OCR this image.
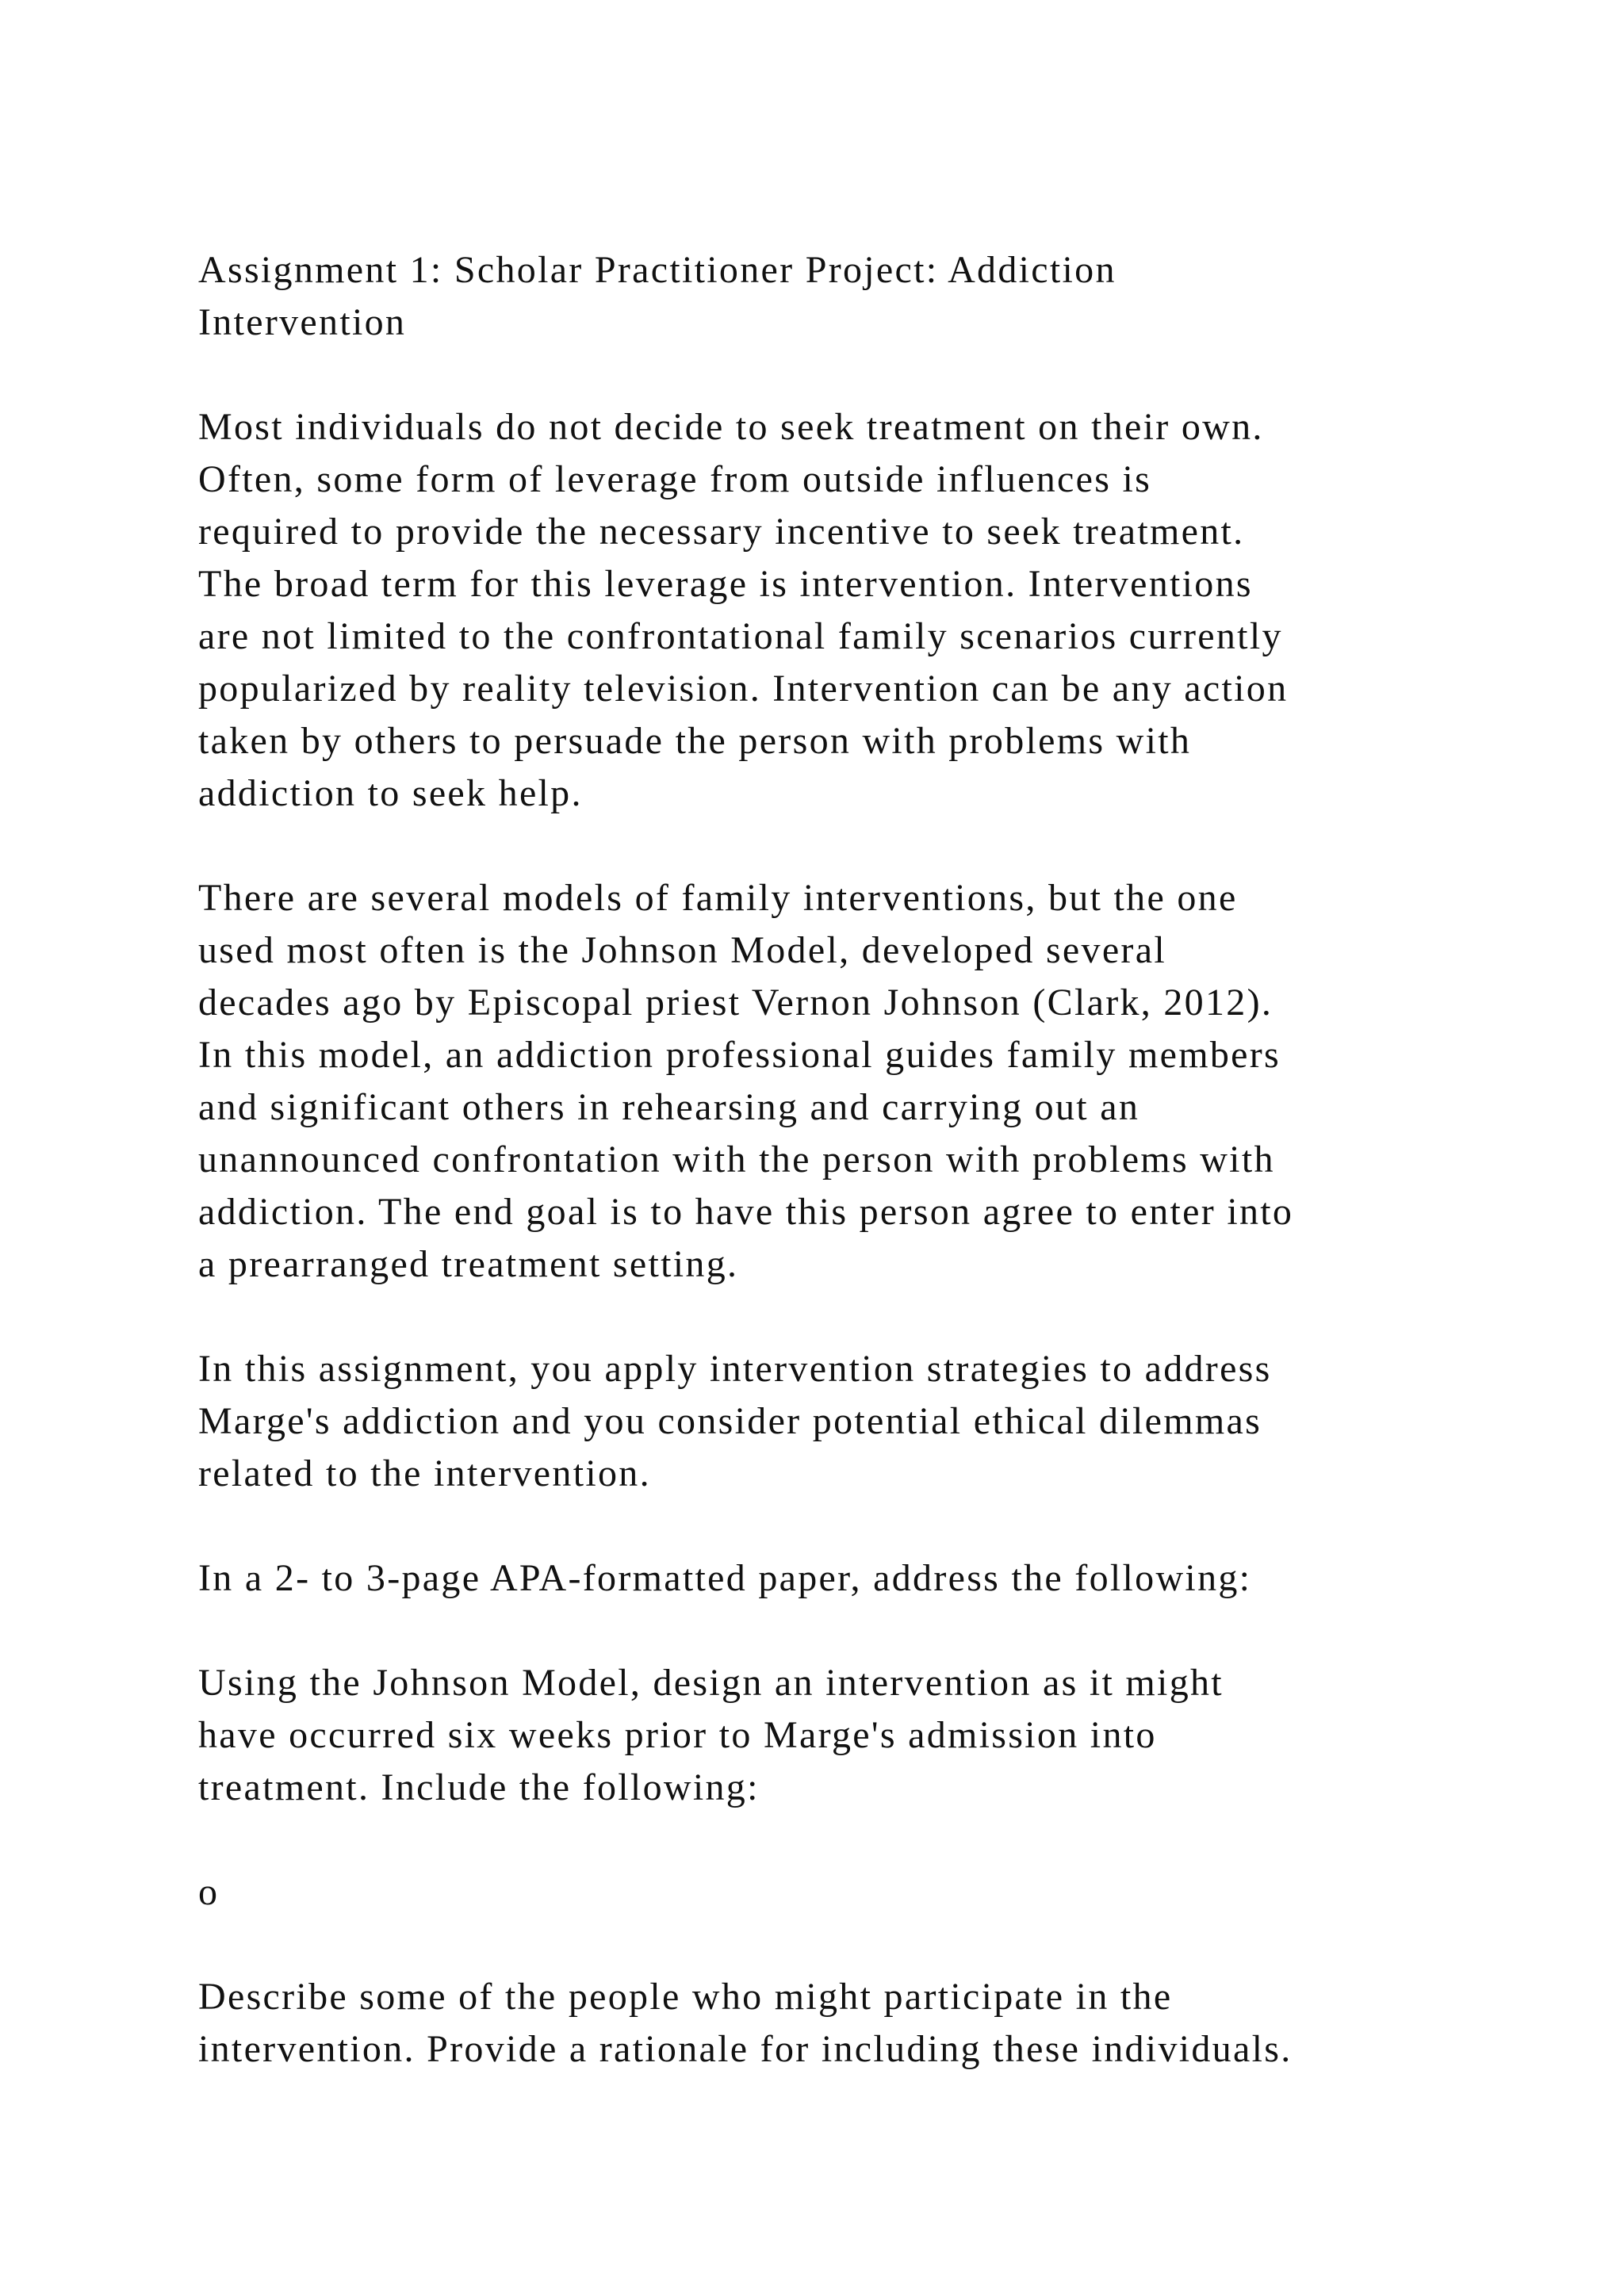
Assignment 1: Scholar Practitioner Project: Addiction
Intervention

Most individuals do not decide to seek treatment on their own.
Often, some form of leverage from outside influences is
required to provide the necessary incentive to seek treatment.
The broad term for this leverage is intervention. Interventions
are not limited to the confrontational family scenarios currently
popularized by reality television. Intervention can be any action
taken by others to persuade the person with problems with
addiction to seek help.

There are several models of family interventions, but the one
used most often is the Johnson Model, developed several
decades ago by Episcopal priest Vernon Johnson (Clark, 2012).
In this model, an addiction professional guides family members
and significant others in rehearsing and carrying out an
unannounced confrontation with the person with problems with
addiction. The end goal is to have this person agree to enter into
a prearranged treatment setting.

In this assignment, you apply intervention strategies to address
Marge's addiction and you consider potential ethical dilemmas
related to the intervention.

In a 2- to 3-page APA-formatted paper, address the following:

Using the Johnson Model, design an intervention as it might
have occurred six weeks prior to Marge's admission into
treatment. Include the following:

o

Describe some of the people who might participate in the
intervention. Provide a rationale for including these individuals.
